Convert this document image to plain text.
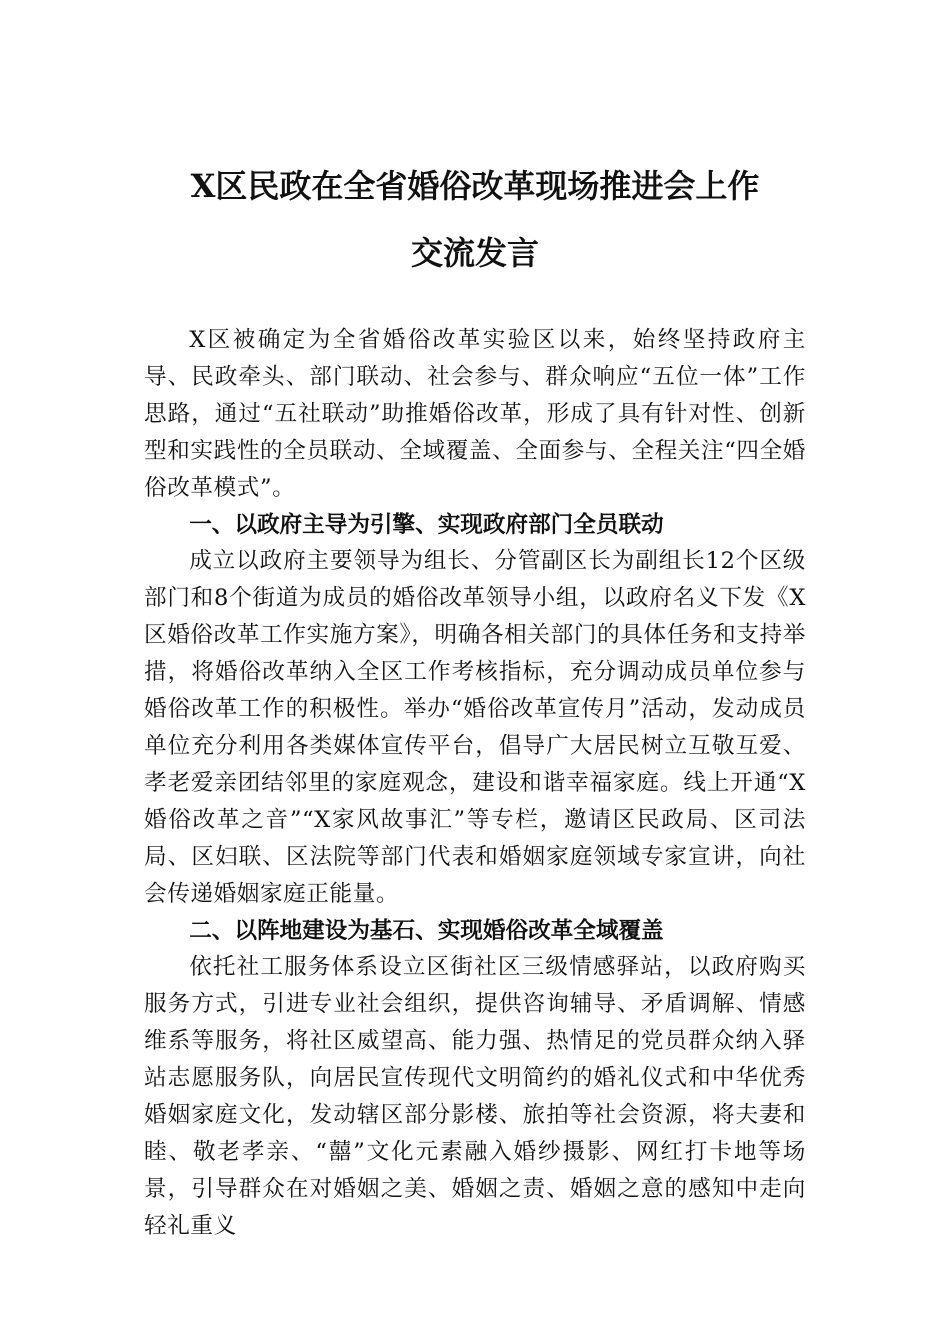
X区民政在全省婚俗改革现场推进会上作
交流发言

X区被确定为全省婚俗改革实验区以来，始终坚持政府主导、民政牵头、部门联动、社会参与、群众响应“五位一体”工作思路，通过“五社联动”助推婚俗改革，形成了具有针对性、创新型和实践性的全员联动、全域覆盖、全面参与、全程关注“四全婚俗改革模式”。

一、以政府主导为引擎、实现政府部门全员联动

成立以政府主要领导为组长、分管副区长为副组长12个区级部门和8个街道为成员的婚俗改革领导小组，以政府名义下发《X区婚俗改革工作实施方案》，明确各相关部门的具体任务和支持举措，将婚俗改革纳入全区工作考核指标，充分调动成员单位参与婚俗改革工作的积极性。举办“婚俗改革宣传月”活动，发动成员单位充分利用各类媒体宣传平台，倡导广大居民树立互敬互爱、孝老爱亲团结邻里的家庭观念，建设和谐幸福家庭。线上开通“X婚俗改革之音”“X家风故事汇”等专栏，邀请区民政局、区司法局、区妇联、区法院等部门代表和婚姻家庭领域专家宣讲，向社会传递婚姻家庭正能量。

二、以阵地建设为基石、实现婚俗改革全域覆盖

依托社工服务体系设立区街社区三级情感驿站，以政府购买服务方式，引进专业社会组织，提供咨询辅导、矛盾调解、情感维系等服务，将社区威望高、能力强、热情足的党员群众纳入驿站志愿服务队，向居民宣传现代文明简约的婚礼仪式和中华优秀婚姻家庭文化，发动辖区部分影楼、旅拍等社会资源，将夫妻和睦、敬老孝亲、“囍”文化元素融入婚纱摄影、网红打卡地等场景，引导群众在对婚姻之美、婚姻之责、婚姻之意的感知中走向轻礼重义
